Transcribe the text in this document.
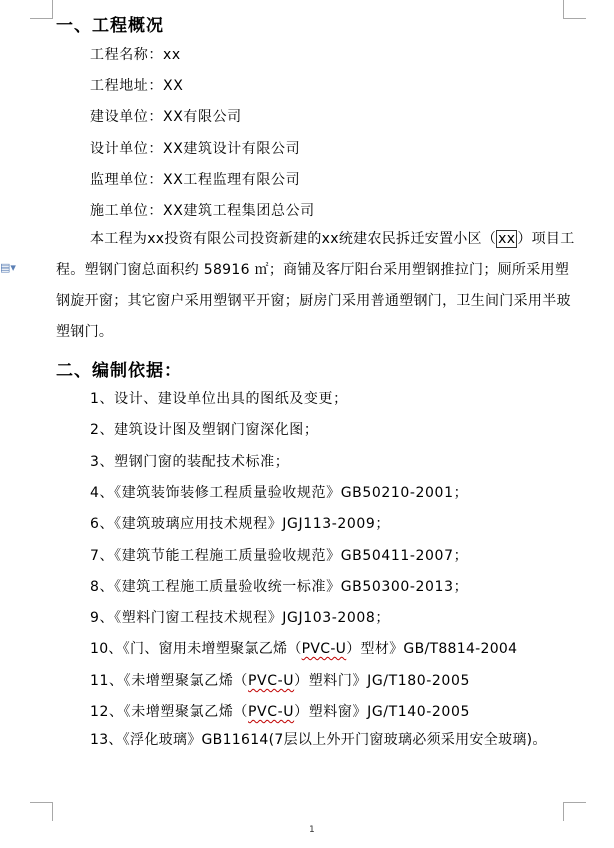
▤▾
一、工程概况
工程名称：xx
工程地址：XX
建设单位：XX有限公司
设计单位：XX建筑设计有限公司
监理单位：XX工程监理有限公司
施工单位：XX建筑工程集团总公司
本工程为xx投资有限公司投资新建的xx统建农民拆迁安置小区（ xx ）项目工程。塑钢门窗总面积约 58916 ㎡；商铺及客厅阳台采用塑钢推拉门；厕所采用塑钢旋开窗；其它窗户采用塑钢平开窗；厨房门采用普通塑钢门，卫生间门采用半玻塑钢门。
二、编制依据：
1、设计、建设单位出具的图纸及变更；
2、建筑设计图及塑钢门窗深化图；
3、塑钢门窗的装配技术标准；
4、《建筑装饰装修工程质量验收规范》GB50210-2001；
6、《建筑玻璃应用技术规程》JGJ113-2009；
7、《建筑节能工程施工质量验收规范》GB50411-2007；
8、《建筑工程施工质量验收统一标准》GB50300-2013；
9、《塑料门窗工程技术规程》JGJ103-2008；
10、《门、窗用未增塑聚氯乙烯（PVC-U）型材》GB/T8814-2004
11、《未增塑聚氯乙烯（PVC-U）塑料门》JG/T180-2005
12、《未增塑聚氯乙烯（PVC-U）塑料窗》JG/T140-2005
13、《浮化玻璃》GB11614(7层以上外开门窗玻璃必须采用安全玻璃)。
1
